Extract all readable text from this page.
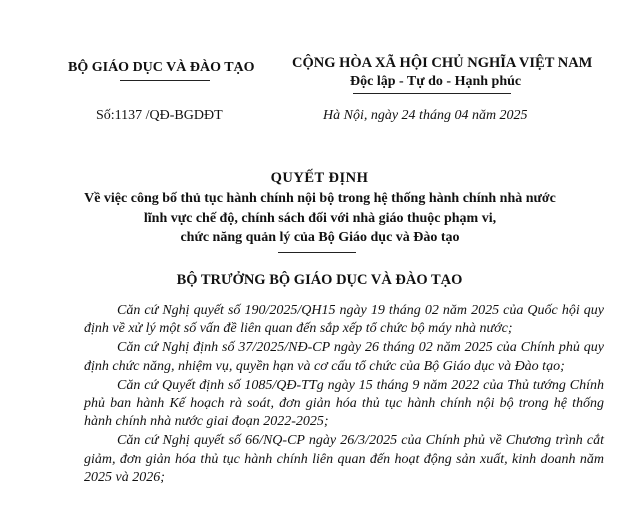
BỘ GIÁO DỤC VÀ ĐÀO TẠO
Số:1137 /QĐ-BGDĐT
CỘNG HÒA XÃ HỘI CHỦ NGHĨA VIỆT NAM
Độc lập - Tự do - Hạnh phúc
Hà Nội, ngày 24 tháng 04 năm 2025
QUYẾT ĐỊNH
Về việc công bố thủ tục hành chính nội bộ trong hệ thống hành chính nhà nước
lĩnh vực chế độ, chính sách đối với nhà giáo thuộc phạm vi,
chức năng quản lý của Bộ Giáo dục và Đào tạo
BỘ TRƯỞNG BỘ GIÁO DỤC VÀ ĐÀO TẠO

Căn cứ Nghị quyết số 190/2025/QH15 ngày 19 tháng 02 năm 2025 của Quốc hội quy định về xử lý một số vấn đề liên quan đến sắp xếp tổ chức bộ máy nhà nước;

Căn cứ Nghị định số 37/2025/NĐ-CP ngày 26 tháng 02 năm 2025 của Chính phủ quy định chức năng, nhiệm vụ, quyền hạn và cơ cấu tổ chức của Bộ Giáo dục và Đào tạo;

Căn cứ Quyết định số 1085/QĐ-TTg ngày 15 tháng 9 năm 2022 của Thủ tướng Chính phủ ban hành Kế hoạch rà soát, đơn giản hóa thủ tục hành chính nội bộ trong hệ thống hành chính nhà nước giai đoạn 2022-2025;

Căn cứ Nghị quyết số 66/NQ-CP ngày 26/3/2025 của Chính phủ về Chương trình cắt giảm, đơn giản hóa thủ tục hành chính liên quan đến hoạt động sản xuất, kinh doanh năm 2025 và 2026;
